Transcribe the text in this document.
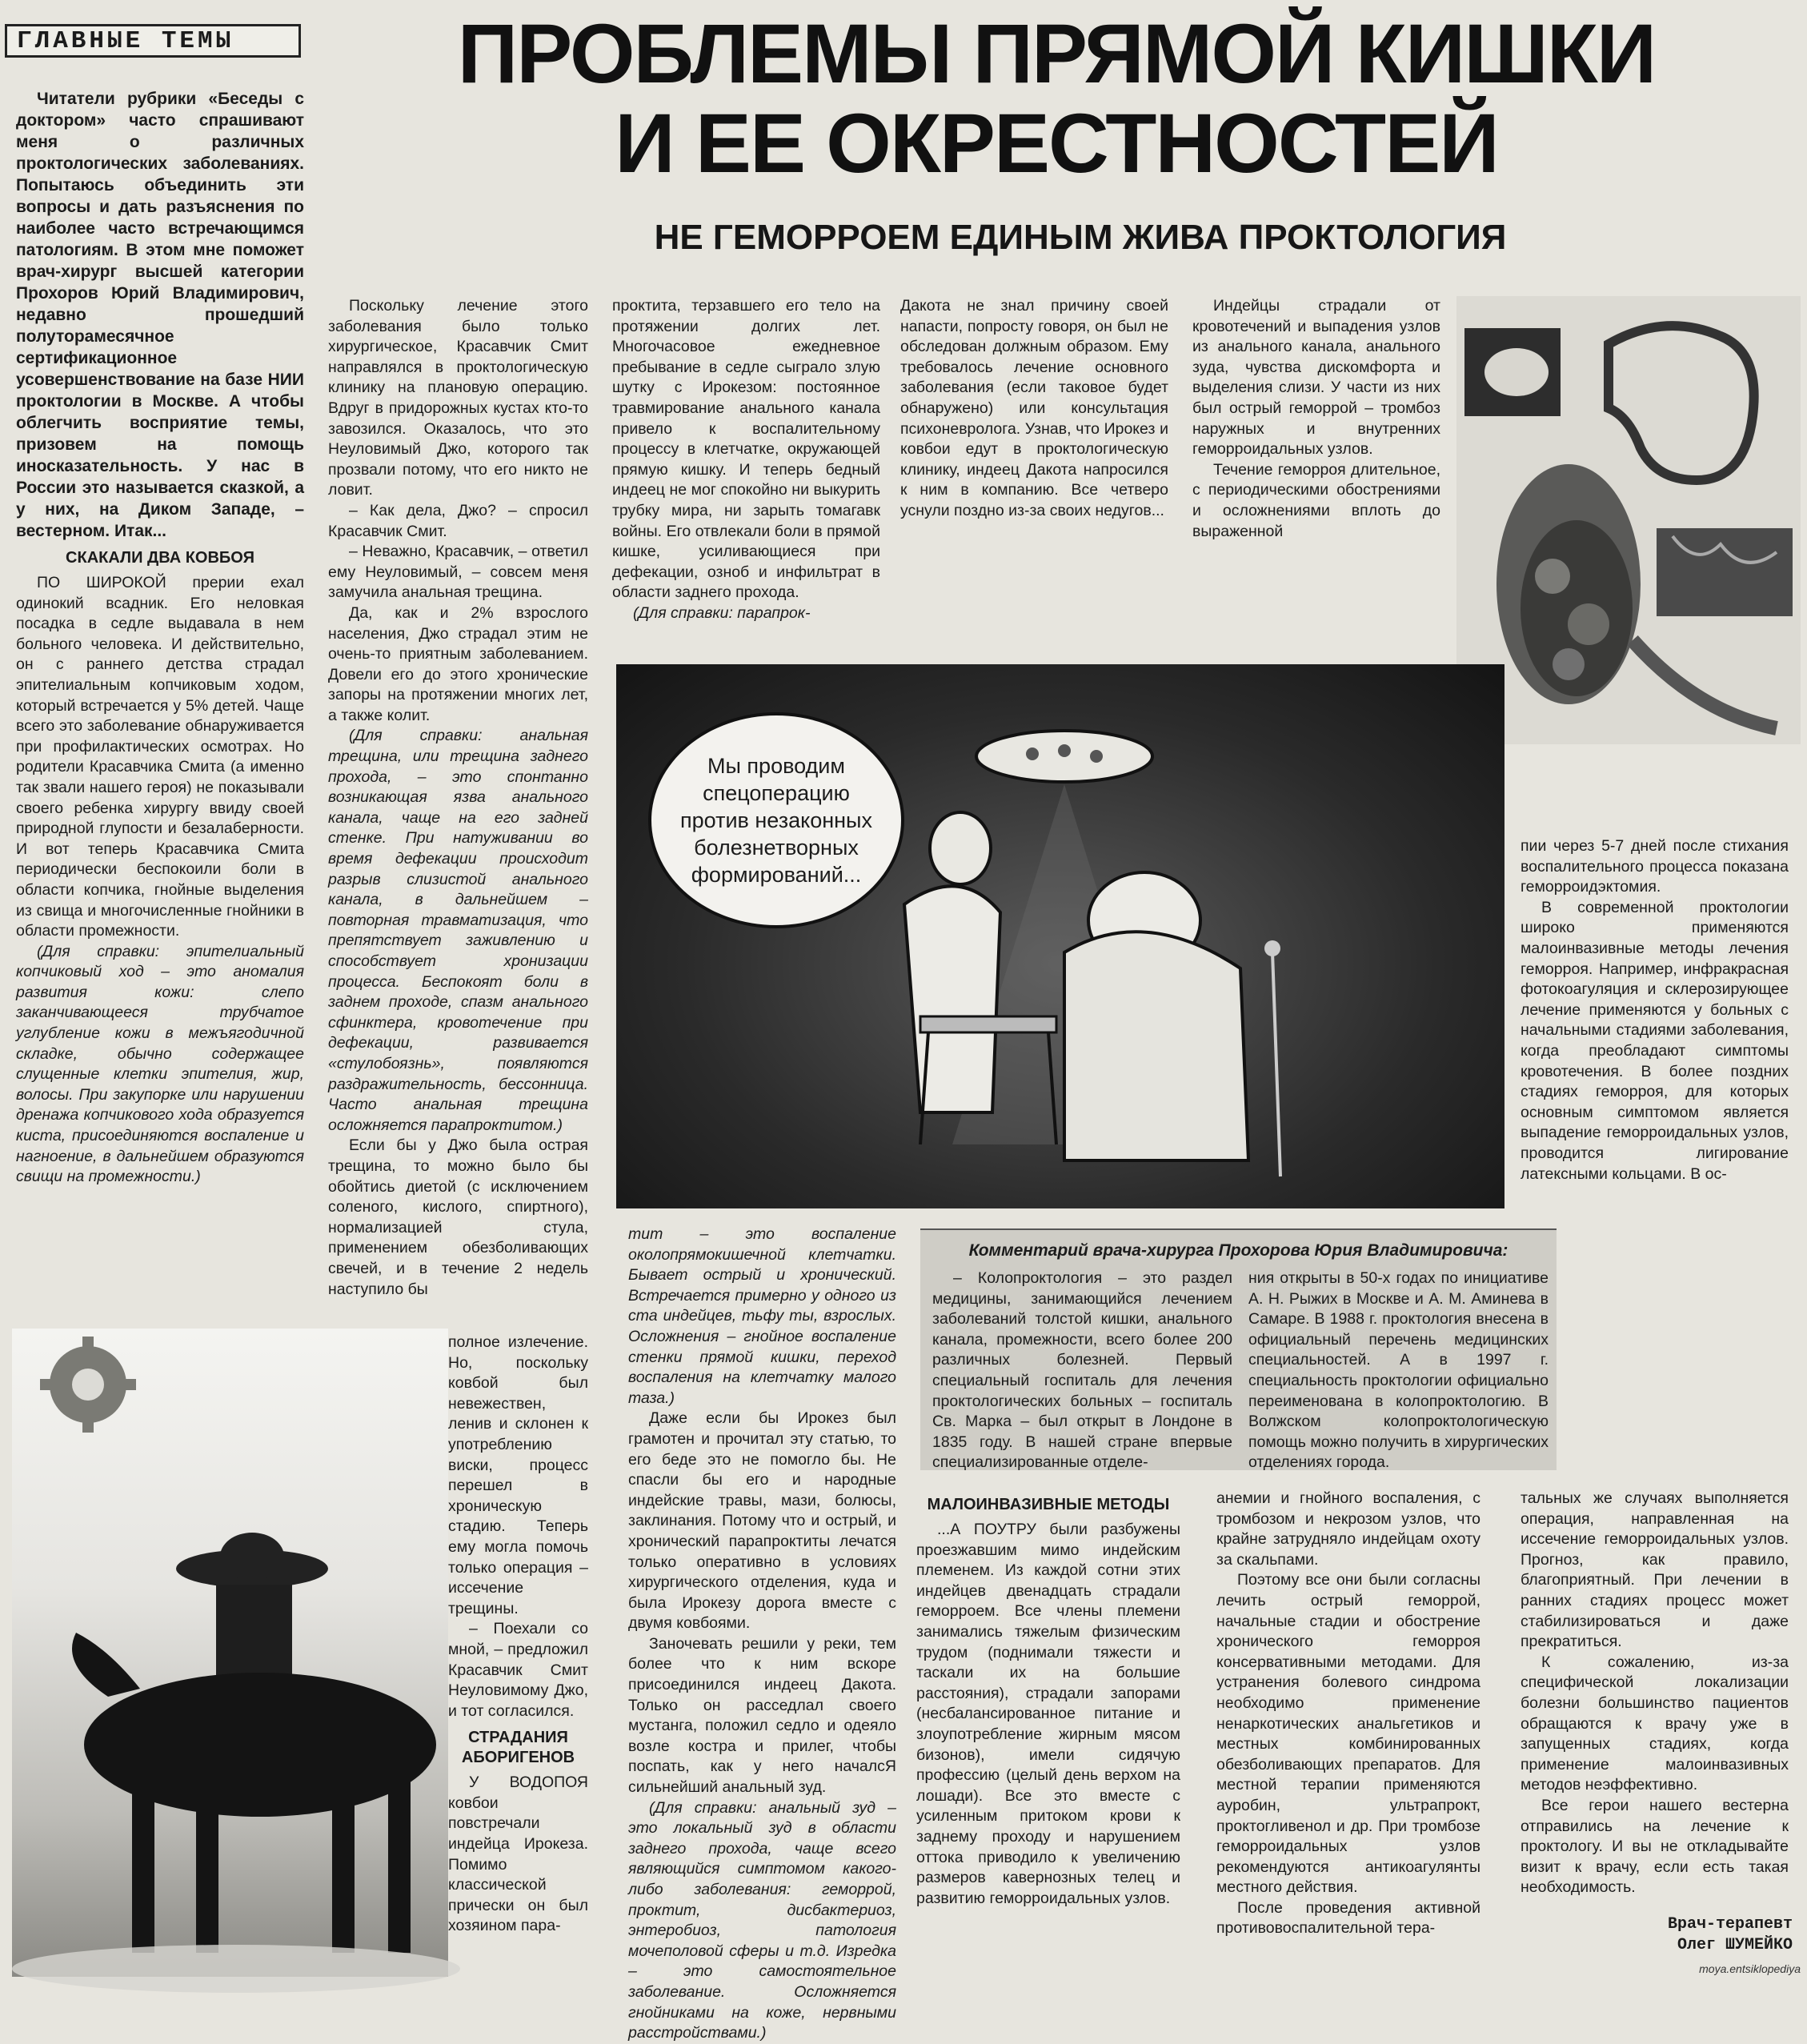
ГЛАВНЫЕ ТЕМЫ	ПРОБЛЕМЫ ПРЯМОЙ КИШКИ
И ЕЕ ОКРЕСТНОСТЕЙ
НЕ ГЕМОРРОЕМ ЕДИНЫМ ЖИВА ПРОКТОЛОГИЯ

Читатели рубрики «Беседы с доктором» часто спрашивают меня о различных проктологических заболеваниях. Попытаюсь объединить эти вопросы и дать разъяснения по наиболее часто встречающимся патологиям. В этом мне поможет врач-хирург высшей категории Прохоров Юрий Владимирович, недавно прошедший полуторамесячное сертификационное усовершенствование на базе НИИ проктологии в Москве. А чтобы облегчить восприятие темы, призовем на помощь иносказательность. У нас в России это называется сказкой, а у них, на Диком Западе, – вестерном. Итак...

СКАКАЛИ ДВА КОВБОЯ

ПО ШИРОКОЙ прерии ехал одинокий всадник. Его неловкая посадка в седле выдавала в нем больного человека. И действительно, он с раннего детства страдал эпителиальным копчиковым ходом, который встречается у 5% детей. Чаще всего это заболевание обнаруживается при профилактических осмотрах. Но родители Красавчика Смита (а именно так звали нашего героя) не показывали своего ребенка хирургу ввиду своей природной глупости и безалаберности. И вот теперь Красавчика Смита периодически беспокоили боли в области копчика, гнойные выделения из свища и многочисленные гнойники в области промежности.

(Для справки: эпителиальный копчиковый ход – это аномалия развития кожи: слепо заканчивающееся трубчатое углубление кожи в межъягодичной складке, обычно содержащее слущенные клетки эпителия, жир, волосы. При закупорке или нарушении дренажа копчикового хода образуется киста, присоединяются воспаление и нагноение, в дальнейшем образуются свищи на промежности.)

Поскольку лечение этого заболевания было только хирургическое, Красавчик Смит направлялся в проктологическую клинику на плановую операцию. Вдруг в придорожных кустах кто-то завозился. Оказалось, что это Неуловимый Джо, которого так прозвали потому, что его никто не ловит.

– Как дела, Джо? – спросил Красавчик Смит.

– Неважно, Красавчик, – ответил ему Неуловимый, – совсем меня замучила анальная трещина.

Да, как и 2% взрослого населения, Джо страдал этим не очень-то приятным заболеванием. Довели его до этого хронические запоры на протяжении многих лет, а также колит.

(Для справки: анальная трещина, или трещина заднего прохода, – это спонтанно возникающая язва анального канала, чаще на его задней стенке. При натуживании во время дефекации происходит разрыв слизистой анального канала, в дальнейшем – повторная травматизация, что препятствует заживлению и способствует хронизации процесса. Беспокоят боли в заднем проходе, спазм анального сфинктера, кровотечение при дефекации, развивается «стулобоязнь», появляются раздражительность, бессонница. Часто анальная трещина осложняется парапроктитом.)

Если бы у Джо была острая трещина, то можно было бы обойтись диетой (с исключением соленого, кислого, спиртного), нормализацией стула, применением обезболивающих свечей, и в течение 2 недель наступило бы

полное излечение. Но, поскольку ковбой был невежествен, ленив и склонен к употреблению виски, процесс перешел в хроническую стадию. Теперь ему могла помочь только операция – иссечение трещины.

– Поехали со мной, – предложил Красавчик Смит Неуловимому Джо, и тот согласился.

СТРАДАНИЯ АБОРИГЕНОВ

У ВОДОПОЯ ковбои повстречали индейца Ирокеза. Помимо классической прически он был хозяином пара-

проктита, терзавшего его тело на протяжении долгих лет. Многочасовое ежедневное пребывание в седле сыграло злую шутку с Ирокезом: постоянное травмирование анального канала привело к воспалительному процессу в клетчатке, окружающей прямую кишку. И теперь бедный индеец не мог спокойно ни выкурить трубку мира, ни зарыть томагавк войны. Его отвлекали боли в прямой кишке, усиливающиеся при дефекации, озноб и инфильтрат в области заднего прохода.

(Для справки: парапрок-

тит – это воспаление околопрямокишечной клетчатки. Бывает острый и хронический. Встречается примерно у одного из ста индейцев, тьфу ты, взрослых. Осложнения – гнойное воспаление стенки прямой кишки, переход воспаления на клетчатку малого таза.)

Даже если бы Ирокез был грамотен и прочитал эту статью, то его беде это не помогло бы. Не спасли бы его и народные индейские травы, мази, болюсы, заклинания. Потому что и острый, и хронический парапроктиты лечатся только оперативно в условиях хирургического отделения, куда и была Ирокезу дорога вместе с двумя ковбоями.

Заночевать решили у реки, тем более что к ним вскоре присоединился индеец Дакота. Только он расседлал своего мустанга, положил седло и одеяло возле костра и прилег, чтобы поспать, как у него началсЯ сильнейший анальный зуд.

(Для справки: анальный зуд – это локальный зуд в области заднего прохода, чаще всего являющийся симптомом какого-либо заболевания: геморрой, проктит, дисбактериоз, энтеробиоз, патология мочеполовой сферы и т.д. Изредка – это самостоятельное заболевание. Осложняется гнойниками на коже, нервными расстройствами.)

Дакота не знал причину своей напасти, попросту говоря, он был не обследован должным образом. Ему требовалось лечение основного заболевания (если таковое будет обнаружено) или консультация психоневролога. Узнав, что Ирокез и ковбои едут в проктологическую клинику, индеец Дакота напросился к ним в компанию. Все четверо уснули поздно из-за своих недугов...

Индейцы страдали от кровотечений и выпадения узлов из анального канала, анального зуда, чувства дискомфорта и выделения слизи. У части из них был острый геморрой – тромбоз наружных и внутренних геморроидальных узлов.

Течение геморроя длительное, с периодическими обострениями и осложнениями вплоть до выраженной

Мы проводим спецоперацию против незаконных болезнетворных формирований...

пии через 5-7 дней после стихания воспалительного процесса показана геморроидэктомия.

В современной проктологии широко применяются малоинвазивные методы лечения геморроя. Например, инфракрасная фотокоагуляция и склерозирующее лечение применяются у больных с начальными стадиями заболевания, когда преобладают симптомы кровотечения. В более поздних стадиях геморроя, для которых основным симптомом является выпадение геморроидальных узлов, проводится лигирование латексными кольцами. В ос-

Комментарий врача-хирурга Прохорова Юрия Владимировича:

– Колопроктология – это раздел медицины, занимающийся лечением заболеваний толстой кишки, анального канала, промежности, всего более 200 различных болезней. Первый специальный госпиталь для лечения проктологических больных – госпиталь Св. Марка – был открыт в Лондоне в 1835 году. В нашей стране впервые специализированные отделе-

ния открыты в 50-х годах по инициативе А. Н. Рыжих в Москве и А. М. Аминева в Самаре. В 1988 г. проктология внесена в официальный перечень медицинских специальностей. А в 1997 г. специальность проктологии официально переименована в колопроктологию. В Волжском колопроктологическую помощь можно получить в хирургических отделениях города.

МАЛОИНВАЗИВНЫЕ МЕТОДЫ

...А ПОУТРУ были разбужены проезжавшим мимо индейским племенем. Из каждой сотни этих индейцев двенадцать страдали геморроем. Все члены племени занимались тяжелым физическим трудом (поднимали тяжести и таскали их на большие расстояния), страдали запорами (несбалансированное питание и злоупотребление жирным мясом бизонов), имели сидячую профессию (целый день верхом на лошади). Все это вместе с усиленным притоком крови к заднему проходу и нарушением оттока приводило к увеличению размеров кавернозных телец и развитию геморроидальных узлов.

анемии и гнойного воспаления, с тромбозом и некрозом узлов, что крайне затрудняло индейцам охоту за скальпами.

Поэтому все они были согласны лечить острый геморрой, начальные стадии и обострение хронического геморроя консервативными методами. Для устранения болевого синдрома необходимо применение ненаркотических анальгетиков и местных комбинированных обезболивающих препаратов. Для местной терапии применяются ауробин, ультрапрокт, проктогливенол и др. При тромбозе геморроидальных узлов рекомендуются антикоагулянты местного действия.

После проведения активной противовоспалительной тера-

тальных же случаях выполняется операция, направленная на иссечение геморроидальных узлов. Прогноз, как правило, благоприятный. При лечении в ранних стадиях процесс может стабилизироваться и даже прекратиться.

К сожалению, из-за специфической локализации болезни большинство пациентов обращаются к врачу уже в запущенных стадиях, когда применение малоинвазивных методов неэффективно.

Все герои нашего вестерна отправились на лечение к проктологу. И вы не откладывайте визит к врачу, если есть такая необходимость.

Врач-терапевт
Олег ШУМЕЙКО
moya.entsiklopediya
